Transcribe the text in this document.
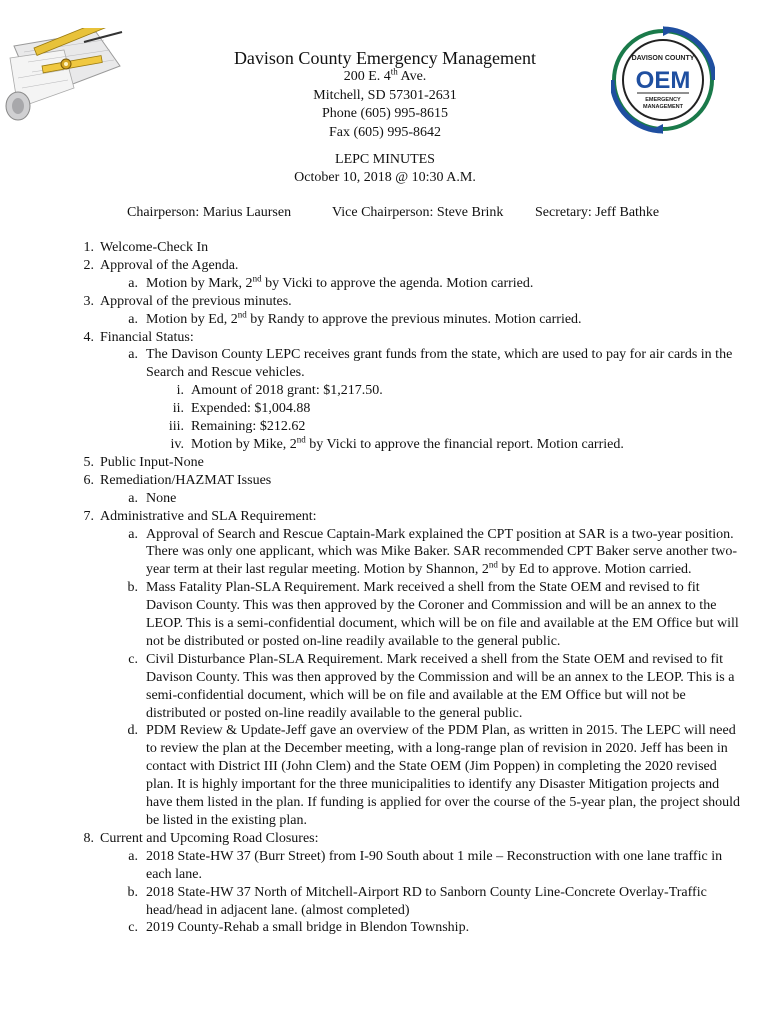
DAVISON COUNTY
OEM
EMERGENCY
MANAGEMENT
Davison County Emergency Management
200 E. 4th Ave.
Mitchell, SD 57301-2631
Phone (605) 995-8615
Fax (605) 995-8642
LEPC MINUTES
October 10, 2018 @ 10:30 A.M.
Chairperson: Marius Laursen	Vice Chairperson: Steve Brink Secretary: Jeff Bathke
1. Welcome-Check In
2. Approval of the Agenda.
a. Motion by Mark, 2nd by Vicki to approve the agenda. Motion carried.
3. Approval of the previous minutes.
a. Motion by Ed, 2nd by Randy to approve the previous minutes. Motion carried.
4. Financial Status:
a. The Davison County LEPC receives grant funds from the state, which are used to pay for air cards in the Search and Rescue vehicles.
i. Amount of 2018 grant: $1,217.50.
ii. Expended: $1,004.88
iii. Remaining: $212.62
iv. Motion by Mike, 2nd by Vicki to approve the financial report. Motion carried.
5. Public Input-None
6. Remediation/HAZMAT Issues
a. None
7. Administrative and SLA Requirement:
a. Approval of Search and Rescue Captain-Mark explained the CPT position at SAR is a two-year position. There was only one applicant, which was Mike Baker. SAR recommended CPT Baker serve another two-year term at their last regular meeting. Motion by Shannon, 2nd by Ed to approve. Motion carried.
b. Mass Fatality Plan-SLA Requirement. Mark received a shell from the State OEM and revised to fit Davison County. This was then approved by the Coroner and Commission and will be an annex to the LEOP. This is a semi-confidential document, which will be on file and available at the EM Office but will not be distributed or posted on-line readily available to the general public.
c. Civil Disturbance Plan-SLA Requirement. Mark received a shell from the State OEM and revised to fit Davison County. This was then approved by the Commission and will be an annex to the LEOP. This is a semi-confidential document, which will be on file and available at the EM Office but will not be distributed or posted on-line readily available to the general public.
d. PDM Review & Update-Jeff gave an overview of the PDM Plan, as written in 2015. The LEPC will need to review the plan at the December meeting, with a long-range plan of revision in 2020. Jeff has been in contact with District III (John Clem) and the State OEM (Jim Poppen) in completing the 2020 revised plan. It is highly important for the three municipalities to identify any Disaster Mitigation projects and have them listed in the plan. If funding is applied for over the course of the 5-year plan, the project should be listed in the existing plan.
8. Current and Upcoming Road Closures:
a. 2018 State-HW 37 (Burr Street) from I-90 South about 1 mile – Reconstruction with one lane traffic in each lane.
b. 2018 State-HW 37 North of Mitchell-Airport RD to Sanborn County Line-Concrete Overlay-Traffic head/head in adjacent lane. (almost completed)
c. 2019 County-Rehab a small bridge in Blendon Township.
